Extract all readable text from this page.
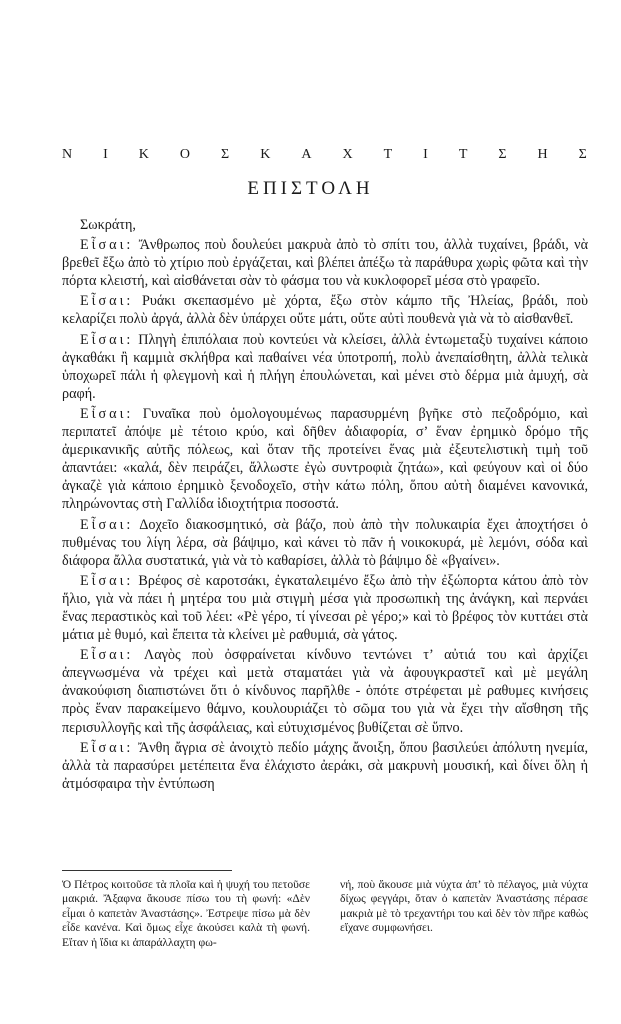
Ν Ι Κ Ο Σ Κ Α Χ Τ Ι Τ Σ Η Σ
ΕΠΙΣΤΟΛΗ

Σωκράτη,

Εἶσαι: Ἄνθρωπος ποὺ δουλεύει μακρυὰ ἀπὸ τὸ σπίτι του, ἀλλὰ τυχαίνει, βράδι, νὰ βρεθεῖ ἔξω ἀπὸ τὸ χτίριο ποὺ ἐργάζεται, καὶ βλέπει ἀπέξω τὰ παράθυρα χωρὶς φῶτα καὶ τὴν πόρτα κλειστή, καὶ αἰσθάνεται σὰν τὸ φάσμα του νὰ κυκλοφορεῖ μέσα στὸ γραφεῖο.

Εἶσαι: Ρυάκι σκεπασμένο μὲ χόρτα, ἔξω στὸν κάμπο τῆς Ἠλείας, βράδι, ποὺ κελαρίζει πολὺ ἀργά, ἀλλὰ δὲν ὑπάρχει οὔτε μάτι, οὔτε αὐτὶ πουθενὰ γιὰ νὰ τὸ αἰσθανθεῖ.

Εἶσαι: Πληγὴ ἐπιπόλαια ποὺ κοντεύει νὰ κλείσει, ἀλλὰ ἐντωμεταξὺ τυχαίνει κάποιο ἀγκαθάκι ἢ καμμιὰ σκλήθρα καὶ παθαίνει νέα ὑποτροπή, πολὺ ἀνεπαίσθητη, ἀλλὰ τελικὰ ὑποχωρεῖ πάλι ἡ φλεγμονὴ καὶ ἡ πλήγη ἐπουλώνεται, καὶ μένει στὸ δέρμα μιὰ ἀμυχή, σὰ ραφή.

Εἶσαι: Γυναῖκα ποὺ ὁμολογουμένως παρασυρμένη βγῆκε στὸ πεζοδρόμιο, καὶ περιπατεῖ ἀπόψε μὲ τέτοιο κρύο, καὶ δῆθεν ἀδιαφορία, σ’ ἕναν ἐρημικὸ δρόμο τῆς ἀμερικανικῆς αὐτῆς πόλεως, καὶ ὅταν τῆς προτείνει ἕνας μιὰ ἐξευτελιστικὴ τιμὴ τοῦ ἀπαντάει: «καλά, δὲν πειράζει, ἄλλωστε ἐγὼ συντροφιὰ ζητάω», καὶ φεύγουν καὶ οἱ δύο ἀγκαζὲ γιὰ κάποιο ἐρημικὸ ξενοδοχεῖο, στὴν κάτω πόλη, ὅπου αὐτὴ διαμένει κανονικά, πληρώνοντας στὴ Γαλλίδα ἰδιοχτήτρια ποσοστά.

Εἶσαι: Δοχεῖο διακοσμητικό, σὰ βάζο, ποὺ ἀπὸ τὴν πολυκαιρία ἔχει ἀποχτήσει ὁ πυθμένας του λίγη λέρα, σὰ βάψιμο, καὶ κάνει τὸ πᾶν ἡ νοικοκυρά, μὲ λεμόνι, σόδα καὶ διάφορα ἄλλα συστατικά, γιὰ νὰ τὸ καθαρίσει, ἀλλὰ τὸ βάψιμο δὲ «βγαίνει».

Εἶσαι: Βρέφος σὲ καροτσάκι, ἐγκαταλειμένο ἔξω ἀπὸ τὴν ἐξώπορτα κάτου ἀπὸ τὸν ἥλιο, γιὰ νὰ πάει ἡ μητέρα του μιὰ στιγμὴ μέσα γιὰ προσωπικὴ της ἀνάγκη, καὶ περνάει ἕνας περαστικὸς καὶ τοῦ λέει: «Ρὲ γέρο, τί γίνεσαι ρὲ γέρο;» καὶ τὸ βρέφος τὸν κυττάει στὰ μάτια μὲ θυμό, καὶ ἔπειτα τὰ κλείνει μὲ ραθυμιά, σὰ γάτος.

Εἶσαι: Λαγὸς ποὺ ὀσφραίνεται κίνδυνο τεντώνει τ’ αὐτιά του καὶ ἀρχίζει ἀπεγνωσμένα νὰ τρέχει καὶ μετὰ σταματάει γιὰ νὰ ἀφουγκραστεῖ καὶ μὲ μεγάλη ἀνακούφιση διαπιστώνει ὅτι ὁ κίνδυνος παρῆλθε - ὁπότε στρέφεται μὲ ραθυμες κινήσεις πρὸς ἕναν παρακείμενο θάμνο, κουλουριάζει τὸ σῶμα του γιὰ νὰ ἔχει τὴν αἴσθηση τῆς περισυλλογῆς καὶ τῆς ἀσφάλειας, καὶ εὐτυχισμένος βυθίζεται σὲ ὕπνο.

Εἶσαι: Ἄνθη ἄγρια σὲ ἀνοιχτὸ πεδίο μάχης ἄνοιξη, ὅπου βασιλεύει ἀπόλυτη ηνεμία, ἀλλὰ τὰ παρασύρει μετέπειτα ἕνα ἐλάχιστο ἀεράκι, σὰ μακρυνὴ μουσική, καὶ δίνει ὅλη ἡ ἀτμόσφαιρα τὴν ἐντύπωση

Ὁ Πέτρος κοιτοῦσε τὰ πλοῖα καὶ ἡ ψυχή του πετοῦσε μακριά. Ἄξαφνα ἄκουσε πίσω του τὴ φωνή: «Δὲν εἶμαι ὁ καπετὰν Ἀναστάσης». Ἐστρεψε πίσω μὰ δὲν εἶδε κανένα. Καὶ ὅμως εἶχε ἀκούσει καλὰ τὴ φωνή. Εἴταν ἡ ἴδια κι ἀπαράλλαχτη φω-
νή, ποὺ ἄκουσε μιὰ νύχτα ἀπ’ τὸ πέλαγος, μιὰ νύχτα δίχως φεγγάρι, ὅταν ὁ καπετὰν Ἀναστάσης πέρασε μακριὰ μὲ τὸ τρεχαντήρι του καὶ δὲν τὸν πῆρε καθὼς εἴχανε συμφωνήσει.
